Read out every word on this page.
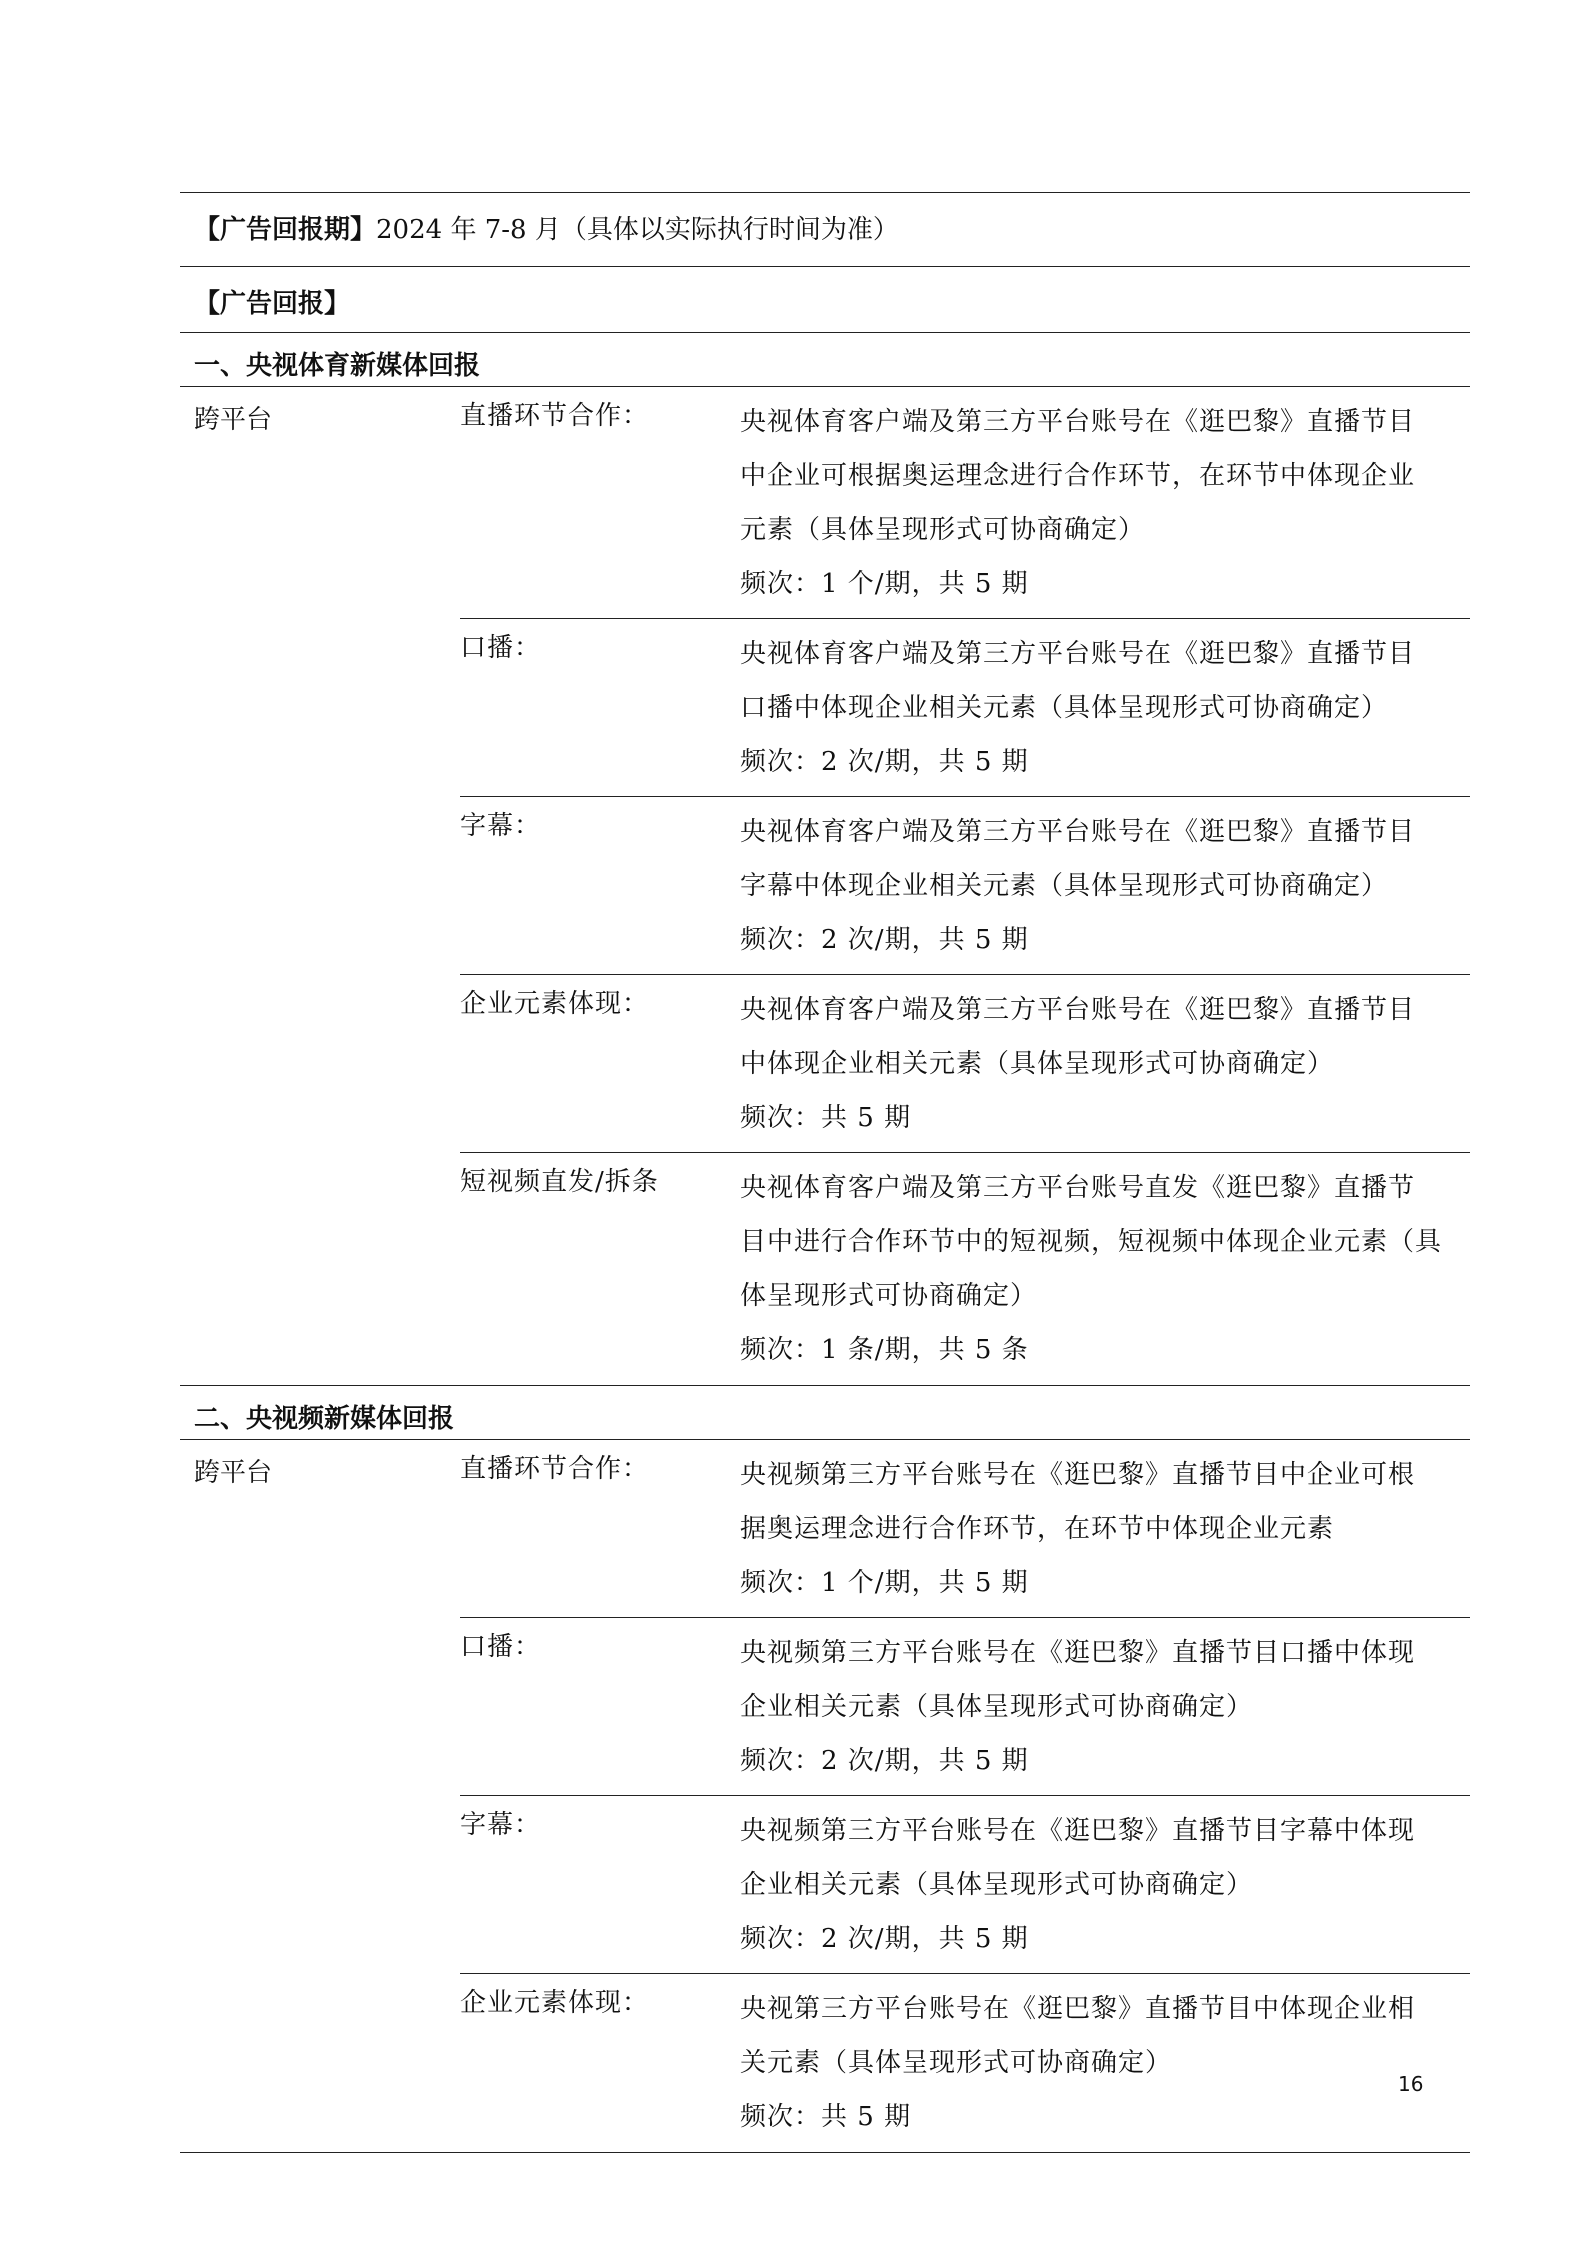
【广告回报期】2024 年 7-8 月（具体以实际执行时间为准）
【广告回报】
一、央视体育新媒体回报
跨平台	直播环节合作：	央视体育客户端及第三方平台账号在《逛巴黎》直播节目
中企业可根据奥运理念进行合作环节，在环节中体现企业
元素（具体呈现形式可协商确定）
频次：1 个/期，共 5 期
口播：	央视体育客户端及第三方平台账号在《逛巴黎》直播节目
口播中体现企业相关元素（具体呈现形式可协商确定）
频次：2 次/期，共 5 期
字幕：	央视体育客户端及第三方平台账号在《逛巴黎》直播节目
字幕中体现企业相关元素（具体呈现形式可协商确定）
频次：2 次/期，共 5 期
企业元素体现：	央视体育客户端及第三方平台账号在《逛巴黎》直播节目
中体现企业相关元素（具体呈现形式可协商确定）
频次：共 5 期
短视频直发/拆条	央视体育客户端及第三方平台账号直发《逛巴黎》直播节
目中进行合作环节中的短视频，短视频中体现企业元素（具
体呈现形式可协商确定）
频次：1 条/期，共 5 条
二、央视频新媒体回报
跨平台	直播环节合作：	央视频第三方平台账号在《逛巴黎》直播节目中企业可根
据奥运理念进行合作环节，在环节中体现企业元素
频次：1 个/期，共 5 期
口播：	央视频第三方平台账号在《逛巴黎》直播节目口播中体现
企业相关元素（具体呈现形式可协商确定）
频次：2 次/期，共 5 期
字幕：	央视频第三方平台账号在《逛巴黎》直播节目字幕中体现
企业相关元素（具体呈现形式可协商确定）
频次：2 次/期，共 5 期
企业元素体现：	央视第三方平台账号在《逛巴黎》直播节目中体现企业相
关元素（具体呈现形式可协商确定）
频次：共 5 期
16
